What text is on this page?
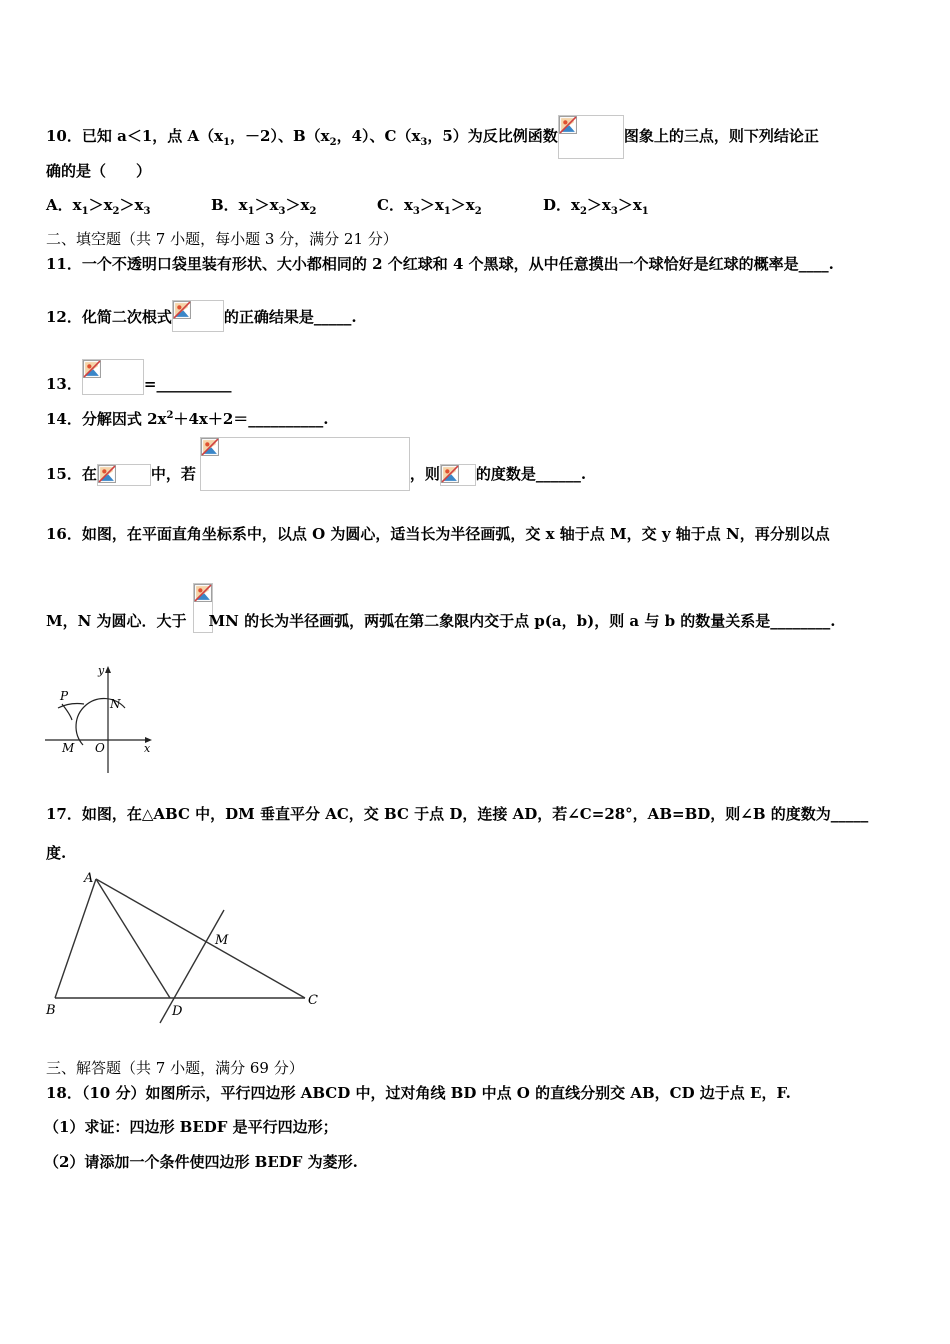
10．已知 a＜1，点 $A(x_1$，－2）、$B(x_2$，4）、$C(x_3$，5）为反比例函数	图象上的三点，则下列结论正
确的是（　　）
A．$x_1>x_2>x_3$	B．$x_1>x_3>x_2$	C．$x_3>x_1>x_2$	D．$x_2>x_3>x_1$
二、填空题（共 7 小题，每小题 3 分，满分 21 分）
11．一个不透明口袋里装有形状、大小都相同的 2 个红球和 4 个黑球，从中任意摸出一个球恰好是红球的概率是____.
12．化简二次根式	的正确结果是_____.
13．	=__________
14．分解因式 $2x^2+4x+2=\_\_\_\_\_\_\_\_\_\_$.
15．在	中，若	，则 的度数是______.
16．如图，在平面直角坐标系中，以点 O 为圆心，适当长为半径画弧，交 x 轴于点 M，交 y 轴于点 N，再分别以点
M，N 为圆心．大于 MN 的长为半径画弧，两弧在第二象限内交于点 p(a，b)，则 a 与 b 的数量关系是________.
y
x
P
N
M O
17．如图，在△ABC 中，DM 垂直平分 AC，交 BC 于点 D，连接 AD，若∠C=28°，AB=BD，则∠B 的度数为_____
度.
A
B
C
D
M
三、解答题（共 7 小题，满分 69 分）
18．（10 分）如图所示，平行四边形 ABCD 中，过对角线 BD 中点 O 的直线分别交 AB，CD 边于点 E，F.
（1）求证：四边形 BEDF 是平行四边形；
（2）请添加一个条件使四边形 BEDF 为菱形.
